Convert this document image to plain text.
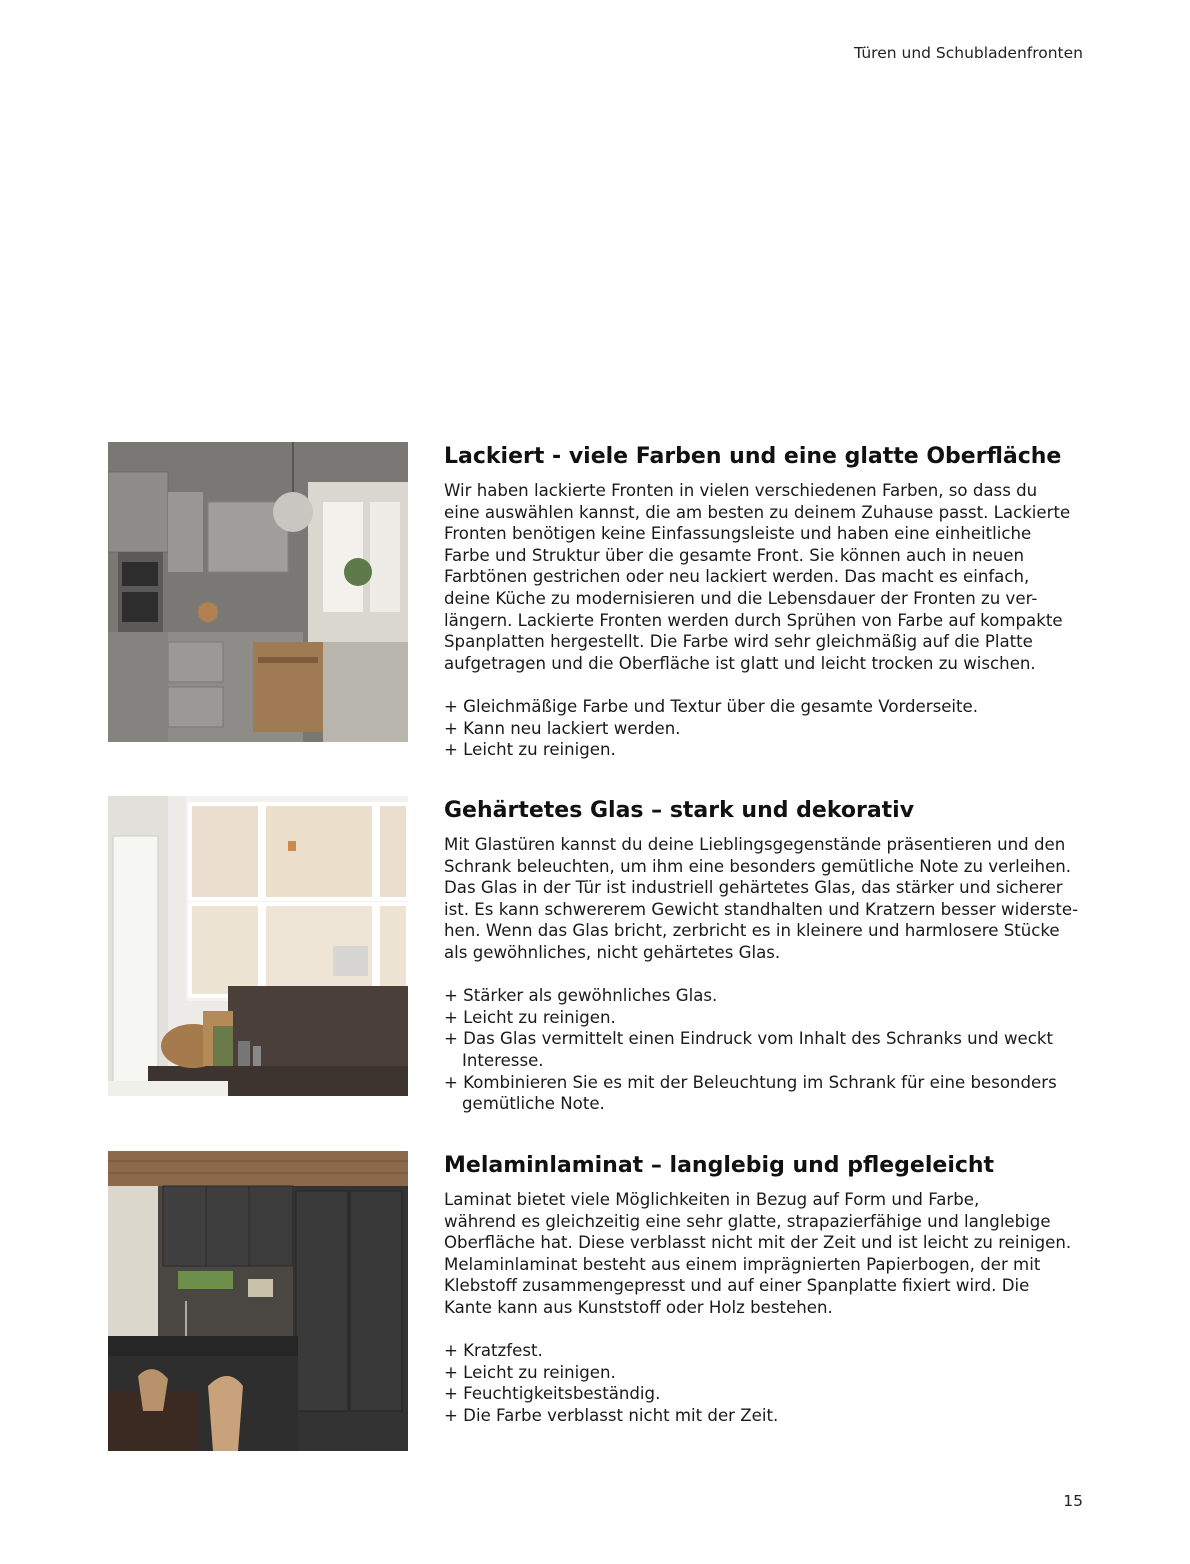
Türen und Schubladenfronten
Lackiert - viele Farben und eine glatte Oberfläche
Wir haben lackierte Fronten in vielen verschiedenen Farben, so dass du
eine auswählen kannst, die am besten zu deinem Zuhause passt. Lackierte
Fronten benötigen keine Einfassungsleiste und haben eine einheitliche
Farbe und Struktur über die gesamte Front. Sie können auch in neuen
Farbtönen gestrichen oder neu lackiert werden. Das macht es einfach,
deine Küche zu modernisieren und die Lebensdauer der Fronten zu ver-
längern. Lackierte Fronten werden durch Sprühen von Farbe auf kompakte
Spanplatten hergestellt. Die Farbe wird sehr gleichmäßig auf die Platte
aufgetragen und die Oberfläche ist glatt und leicht trocken zu wischen.
+ Gleichmäßige Farbe und Textur über die gesamte Vorderseite.
+ Kann neu lackiert werden.
+ Leicht zu reinigen.
Gehärtetes Glas – stark und dekorativ
Mit Glastüren kannst du deine Lieblingsgegenstände präsentieren und den
Schrank beleuchten, um ihm eine besonders gemütliche Note zu verleihen.
Das Glas in der Tür ist industriell gehärtetes Glas, das stärker und sicherer
ist. Es kann schwererem Gewicht standhalten und Kratzern besser widerste-
hen. Wenn das Glas bricht, zerbricht es in kleinere und harmlosere Stücke
als gewöhnliches, nicht gehärtetes Glas.
+ Stärker als gewöhnliches Glas.
+ Leicht zu reinigen.
+ Das Glas vermittelt einen Eindruck vom Inhalt des Schranks und weckt
Interesse.
+ Kombinieren Sie es mit der Beleuchtung im Schrank für eine besonders
gemütliche Note.
Melaminlaminat – langlebig und pflegeleicht
Laminat bietet viele Möglichkeiten in Bezug auf Form und Farbe,
während es gleichzeitig eine sehr glatte, strapazierfähige und langlebige
Oberfläche hat. Diese verblasst nicht mit der Zeit und ist leicht zu reinigen.
Melaminlaminat besteht aus einem imprägnierten Papierbogen, der mit
Klebstoff zusammengepresst und auf einer Spanplatte fixiert wird. Die
Kante kann aus Kunststoff oder Holz bestehen.
+ Kratzfest.
+ Leicht zu reinigen.
+ Feuchtigkeitsbeständig.
+ Die Farbe verblasst nicht mit der Zeit.
15
